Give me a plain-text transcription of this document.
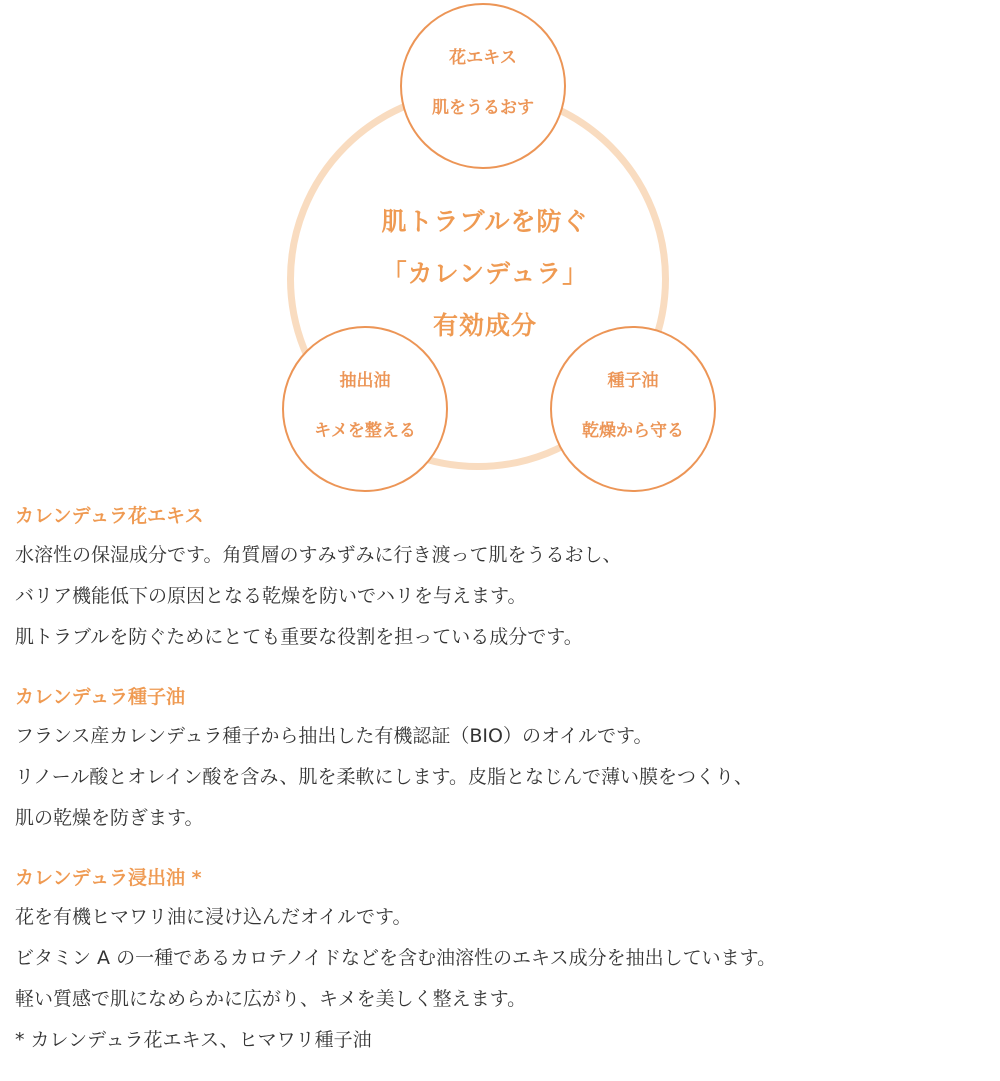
肌トラブルを防ぐ
「カレンデュラ」
有効成分
花エキス
肌をうるおす
抽出油
キメを整える
種子油
乾燥から守る
カレンデュラ花エキス
水溶性の保湿成分です。角質層のすみずみに行き渡って肌をうるおし、
バリア機能低下の原因となる乾燥を防いでハリを与えます。
肌トラブルを防ぐためにとても重要な役割を担っている成分です。
カレンデュラ種子油
フランス産カレンデュラ種子から抽出した有機認証（BIO）のオイルです。
リノール酸とオレイン酸を含み、肌を柔軟にします。皮脂となじんで薄い膜をつくり、
肌の乾燥を防ぎます。
カレンデュラ浸出油 *
花を有機ヒマワリ油に浸け込んだオイルです。
ビタミン A の一種であるカロテノイドなどを含む油溶性のエキス成分を抽出しています。
軽い質感で肌になめらかに広がり、キメを美しく整えます。
* カレンデュラ花エキス、ヒマワリ種子油
